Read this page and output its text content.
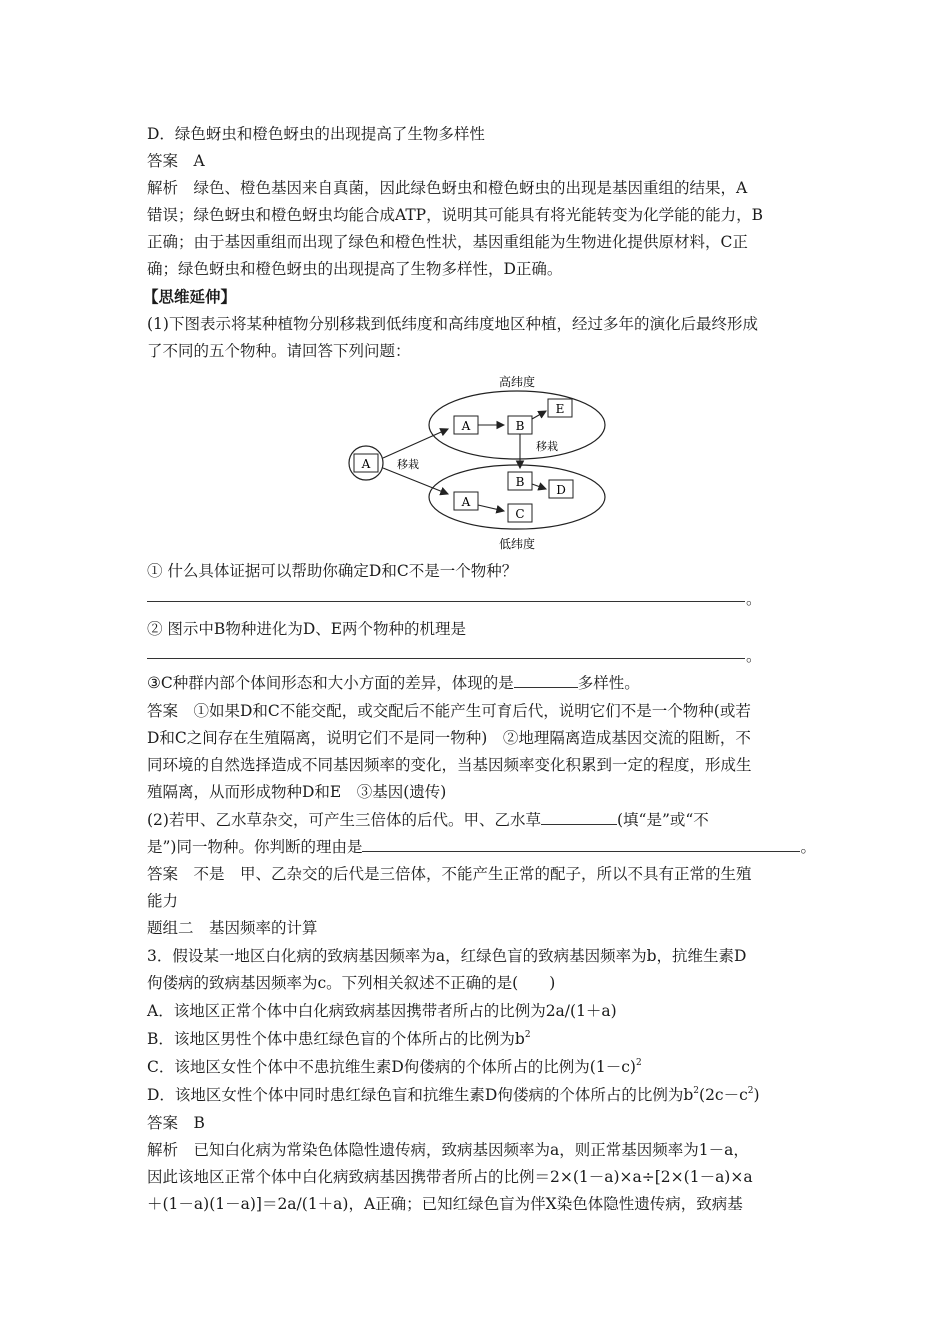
D．绿色蚜虫和橙色蚜虫的出现提高了生物多样性
答案　A
解析　绿色、橙色基因来自真菌，因此绿色蚜虫和橙色蚜虫的出现是基因重组的结果，A
错误；绿色蚜虫和橙色蚜虫均能合成ATP，说明其可能具有将光能转变为化学能的能力，B
正确；由于基因重组而出现了绿色和橙色性状，基因重组能为生物进化提供原材料，C正
确；绿色蚜虫和橙色蚜虫的出现提高了生物多样性，D正确。
【思维延伸】
(1)下图表示将某种植物分别移栽到低纬度和高纬度地区种植，经过多年的演化后最终形成
了不同的五个物种。请回答下列问题：
高纬度
低纬度
A 移栽
A	B
E
移栽
B
D
A
C
① 什么具体证据可以帮助你确定D和C不是一个物种？
。
② 图示中B物种进化为D、E两个物种的机理是
。
③C种群内部个体间形态和大小方面的差异，体现的是	多样性。
答案　①如果D和C不能交配，或交配后不能产生可育后代，说明它们不是一个物种(或若
D和C之间存在生殖隔离，说明它们不是同一物种)　②地理隔离造成基因交流的阻断，不
同环境的自然选择造成不同基因频率的变化，当基因频率变化积累到一定的程度，形成生
殖隔离，从而形成物种D和E　③基因(遗传)
(2)若甲、乙水草杂交，可产生三倍体的后代。甲、乙水草	(填“是”或“不
是”)同一物种。你判断的理由是	。
答案　不是　甲、乙杂交的后代是三倍体，不能产生正常的配子，所以不具有正常的生殖
能力
题组二　基因频率的计算
3．假设某一地区白化病的致病基因频率为a，红绿色盲的致病基因频率为b，抗维生素D
佝偻病的致病基因频率为c。下列相关叙述不正确的是(　　)
A．该地区正常个体中白化病致病基因携带者所占的比例为2a/(1＋a)
B．该地区男性个体中患红绿色盲的个体所占的比例为$b^2$
C．该地区女性个体中不患抗维生素D佝偻病的个体所占的比例为$(1-c)^2$
D．该地区女性个体中同时患红绿色盲和抗维生素D佝偻病的个体所占的比例为$b^2(2c-c^2)$
答案　B
解析　已知白化病为常染色体隐性遗传病，致病基因频率为a，则正常基因频率为1－a，
因此该地区正常个体中白化病致病基因携带者所占的比例＝2×(1－a)×a÷[2×(1－a)×a
＋(1－a)(1－a)]＝2a/(1＋a)，A正确；已知红绿色盲为伴X染色体隐性遗传病，致病基
